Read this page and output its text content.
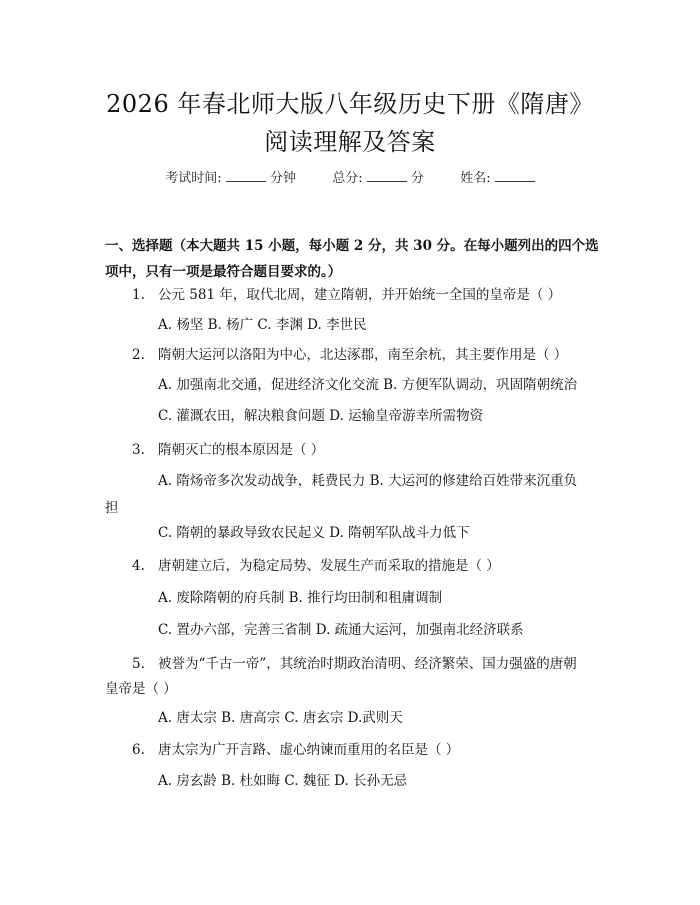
2026 年春北师大版八年级历史下册《隋唐》
阅读理解及答案
考试时间:	分钟	总分:	分	姓名:
一、选择题（本大题共 15 小题，每小题 2 分，共 30 分。在每小题列出的四个选项中，只有一项是最符合题目要求的。）
1. 公元 581 年，取代北周，建立隋朝，并开始统一全国的皇帝是（ ）
A. 杨坚 B. 杨广 C. 李渊 D. 李世民
2. 隋朝大运河以洛阳为中心，北达涿郡，南至余杭，其主要作用是（ ）
A. 加强南北交通，促进经济文化交流 B. 方便军队调动，巩固隋朝统治
C. 灌溉农田，解决粮食问题 D. 运输皇帝游幸所需物资
3. 隋朝灭亡的根本原因是（ ）
A. 隋炀帝多次发动战争，耗费民力 B. 大运河的修建给百姓带来沉重负
担
C. 隋朝的暴政导致农民起义 D. 隋朝军队战斗力低下
4. 唐朝建立后，为稳定局势、发展生产而采取的措施是（ ）
A. 废除隋朝的府兵制 B. 推行均田制和租庸调制
C. 置办六部，完善三省制 D. 疏通大运河，加强南北经济联系
5. 被誉为“千古一帝”，其统治时期政治清明、经济繁荣、国力强盛的唐朝
皇帝是（ ）
A. 唐太宗 B. 唐高宗 C. 唐玄宗 D.武则天
6. 唐太宗为广开言路、虚心纳谏而重用的名臣是（ ）
A. 房玄龄 B. 杜如晦 C. 魏征 D. 长孙无忌
